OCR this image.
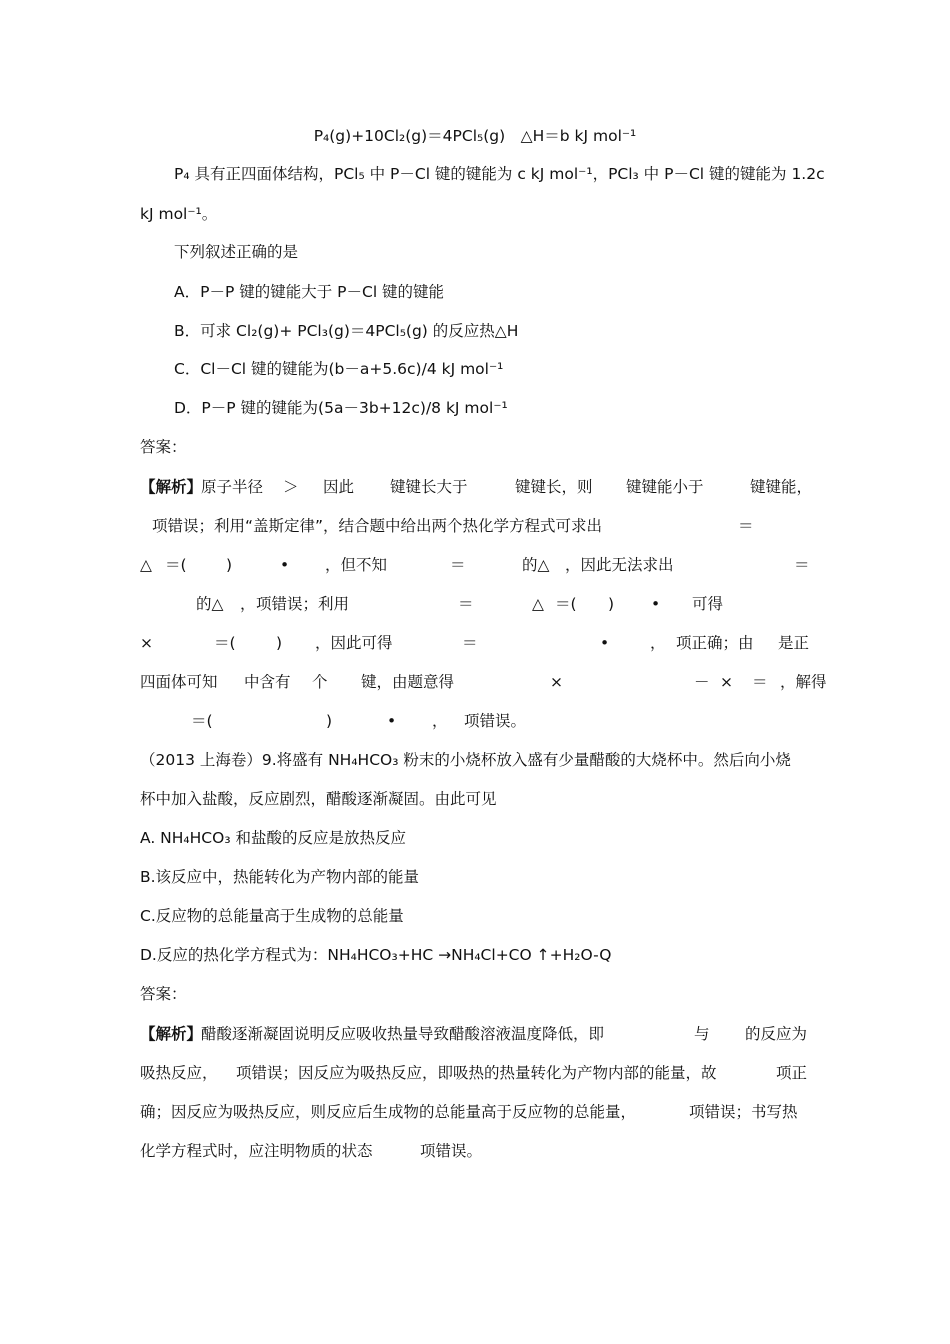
P₄(g)+10Cl₂(g)＝4PCl₅(g)　△H＝b kJ mol⁻¹
P₄ 具有正四面体结构，PCl₅ 中 P－Cl 键的键能为 c kJ mol⁻¹，PCl₃ 中 P－Cl 键的键能为 1.2c
kJ mol⁻¹。
下列叙述正确的是
A．P－P 键的键能大于 P－Cl 键的键能
B．可求 Cl₂(g)+ PCl₃(g)＝4PCl₅(g) 的反应热△H
C．Cl－Cl 键的键能为(b－a+5.6c)/4 kJ mol⁻¹
D．P－P 键的键能为(5a－3b+12c)/8 kJ mol⁻¹
答案：
【解析】
原子半径 ＞ 因此 键键长大于	键键长，则 键键能小于	键键能，
项错误；利用“盖斯定律”，结合题中给出两个热化学方程式可求出	＝
△ ＝(	)	• ，但不知	＝	的△ ，因此无法求出	＝
的△ ， 项错误；利用	＝	△ ＝( ) • 可得
×	＝(	) ，因此可得	＝	•	， 项正确；由 是正
四面体可知 中含有 个 键，由题意得	×	－ × ＝ ，解得
＝(	)	• ， 项错误。
（2013 上海卷）9.将盛有 NH₄HCO₃ 粉末的小烧杯放入盛有少量醋酸的大烧杯中。然后向小烧
杯中加入盐酸，反应剧烈，醋酸逐渐凝固。由此可见
A. NH₄HCO₃ 和盐酸的反应是放热反应
B.该反应中，热能转化为产物内部的能量
C.反应物的总能量高于生成物的总能量
D.反应的热化学方程式为：NH₄HCO₃+HC →NH₄Cl+CO ↑+H₂O-Q
答案：
【解析】
醋酸逐渐凝固说明反应吸收热量导致醋酸溶液温度降低，即	与 的反应为
吸热反应， 项错误；因反应为吸热反应，即吸热的热量转化为产物内部的能量，故	项正
确；因反应为吸热反应，则反应后生成物的总能量高于反应物的总能量，	项错误；书写热
化学方程式时，应注明物质的状态	项错误。
